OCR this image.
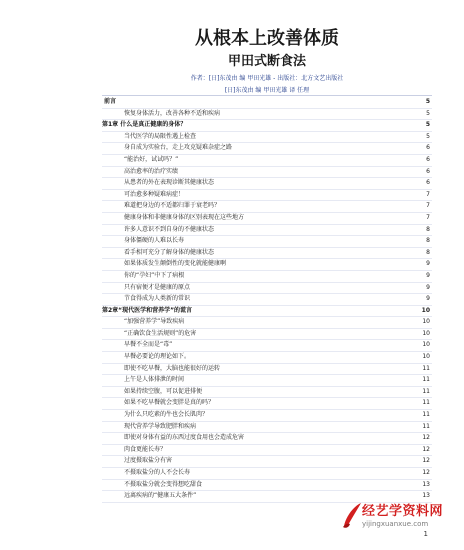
从根本上改善体质
甲田式断食法
作者：[日]东茂由 编 甲田光雄 - 出版社：北方文艺出版社
[日]东茂由 编 甲田光雄 译 任理
前言	5
恢复身体活力，改善各种不适和疾病	5
第1章 什么是真正健康的身体？	5
当代医学的局限性遇上检查	5
身自成为实验台，走上攻克疑难杂症之路	6
“能治好，试试吗？”	6
高治愈率的治疗实绩	6
从患者的外在表现诊断其健康状态	6
可治愈多种疑难病症！	7
难道把身边的不适都归罪于衰老吗？	7
健康身体和非健康身体的区别表现在这些地方	7
许多人意识不到自身的不健康状态	8
身体僵硬的人难以长寿	8
看手相可充分了解身体的健康状态	8
如果体质发生颠倒性的变化就能健康啊	9
你的“孕妇”中下了病根	9
只有宿便才是健康的原点	9
节食得成为人类新的常识	9
第2章“现代医学和营养学”的谎言	10
“加强营养学”导致疾病	10
“正确饮食生活规则”的危害	10
早餐不全而是“毒”	10
早餐必要论的理论如下。	10
即使不吃早餐，大脑也能很好的运转	11
上午是人体排泄的时间	11
如果持续空腹，可以促进排便	11
如果不吃早餐就会变胖是真的吗？	11
为什么只吃素的牛也会长肌肉？	11
现代营养学导致肥胖和疾病	11
即使对身体有益的东西过度食用也会造成危害	12
肉食更能长寿？	12
过度摄取盐分有害	12
不摄取盐分的人不会长寿	12
不摄取盐分就会变得想吃甜食	13
远离疾病的“健康五大条件”	13
1
经艺学资料网
yijingxuanxue.com
